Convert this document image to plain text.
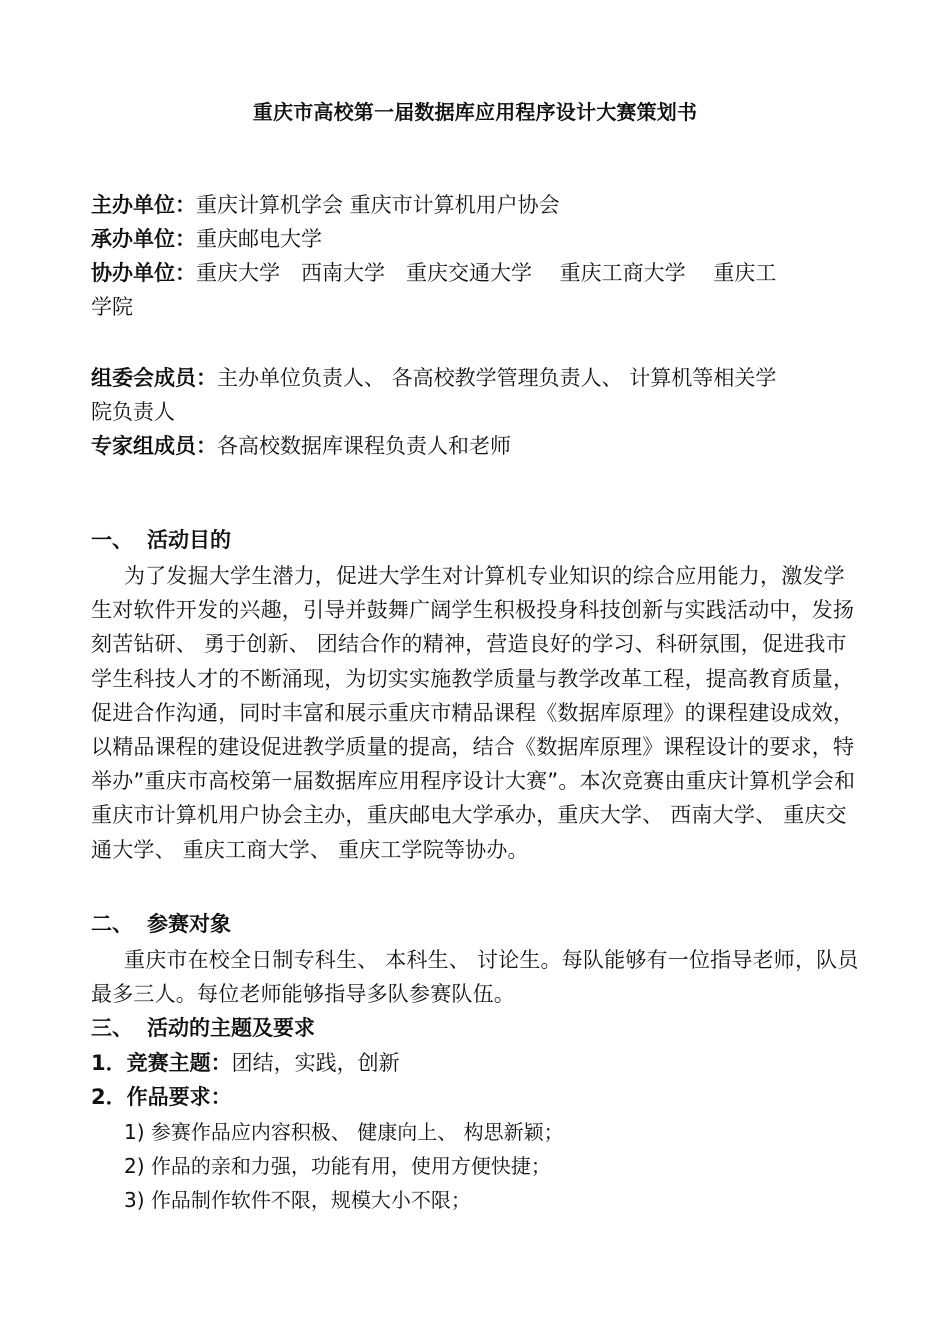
重庆市高校第一届数据库应用程序设计大赛策划书
主办单位：重庆计算机学会 重庆市计算机用户协会
承办单位：重庆邮电大学
协办单位：重庆大学　西南大学　重庆交通大学　 重庆工商大学　 重庆工
学院
组委会成员：主办单位负责人、 各高校教学管理负责人、 计算机等相关学
院负责人
专家组成员：各高校数据库课程负责人和老师
一、 活动目的
为了发掘大学生潜力，促进大学生对计算机专业知识的综合应用能力，激发学生对软件开发的兴趣，引导并鼓舞广阔学生积极投身科技创新与实践活动中，发扬刻苦钻研、 勇于创新、 团结合作的精神，营造良好的学习、科研氛围，促进我市学生科技人才的不断涌现，为切实实施教学质量与教学改革工程，提高教育质量，促进合作沟通，同时丰富和展示重庆市精品课程《数据库原理》的课程建设成效，以精品课程的建设促进教学质量的提高，结合《数据库原理》课程设计的要求，特举办”重庆市高校第一届数据库应用程序设计大赛”。本次竞赛由重庆计算机学会和重庆市计算机用户协会主办，重庆邮电大学承办，重庆大学、 西南大学、 重庆交通大学、 重庆工商大学、 重庆工学院等协办。
二、 参赛对象
重庆市在校全日制专科生、 本科生、 讨论生。每队能够有一位指导老师，队员最多三人。每位老师能够指导多队参赛队伍。
三、 活动的主题及要求
1．竞赛主题：团结，实践，创新
2．作品要求：
1) 参赛作品应内容积极、 健康向上、 构思新颖；
2) 作品的亲和力强，功能有用，使用方便快捷；
3) 作品制作软件不限，规模大小不限；
